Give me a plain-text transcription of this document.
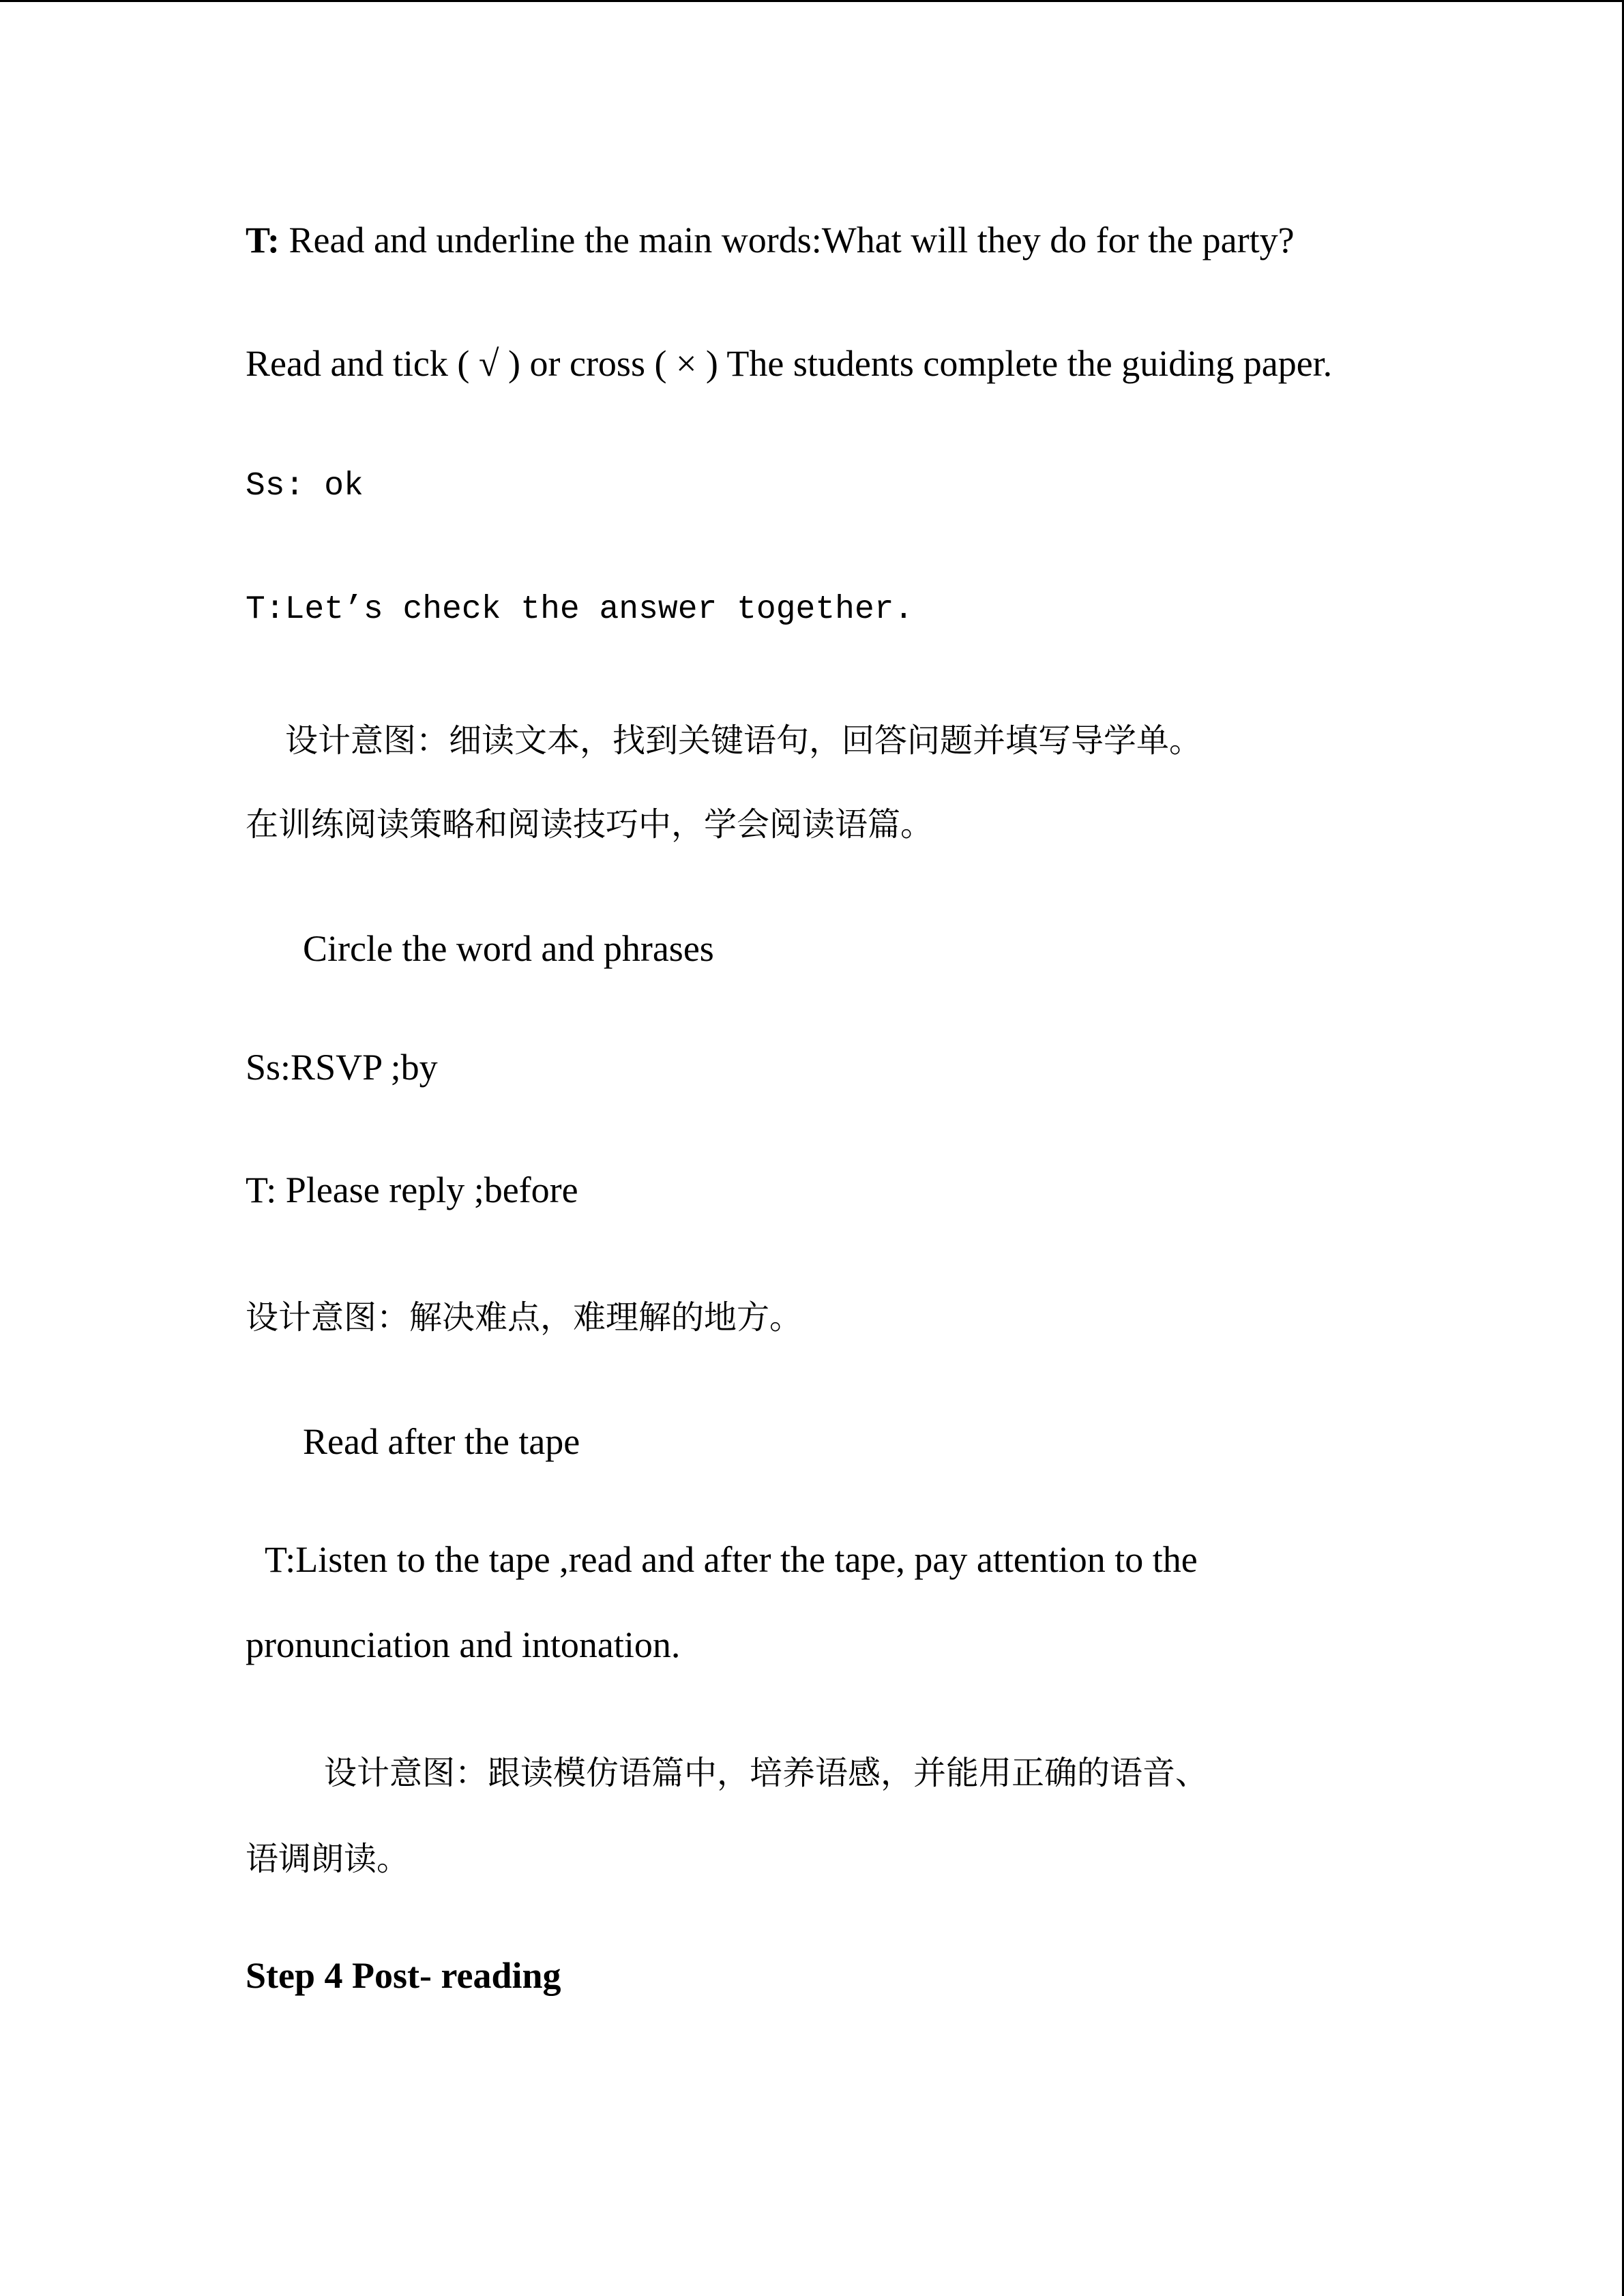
T: Read and underline the main words:What will they do for the party?
Read and tick ( √ ) or cross ( × ) The students complete the guiding paper.
Ss: ok
T:Let’s check the answer together.
设计意图：细读文本，找到关键语句，回答问题并填写导学单。
在训练阅读策略和阅读技巧中，学会阅读语篇。
Circle the word and phrases
Ss:RSVP ;by
T: Please reply ;before
设计意图：解决难点，难理解的地方。
Read after the tape
T:Listen to the tape ,read and after the tape, pay attention to the
pronunciation and intonation.
设计意图：跟读模仿语篇中，培养语感，并能用正确的语音、
语调朗读。
Step 4 Post- reading
